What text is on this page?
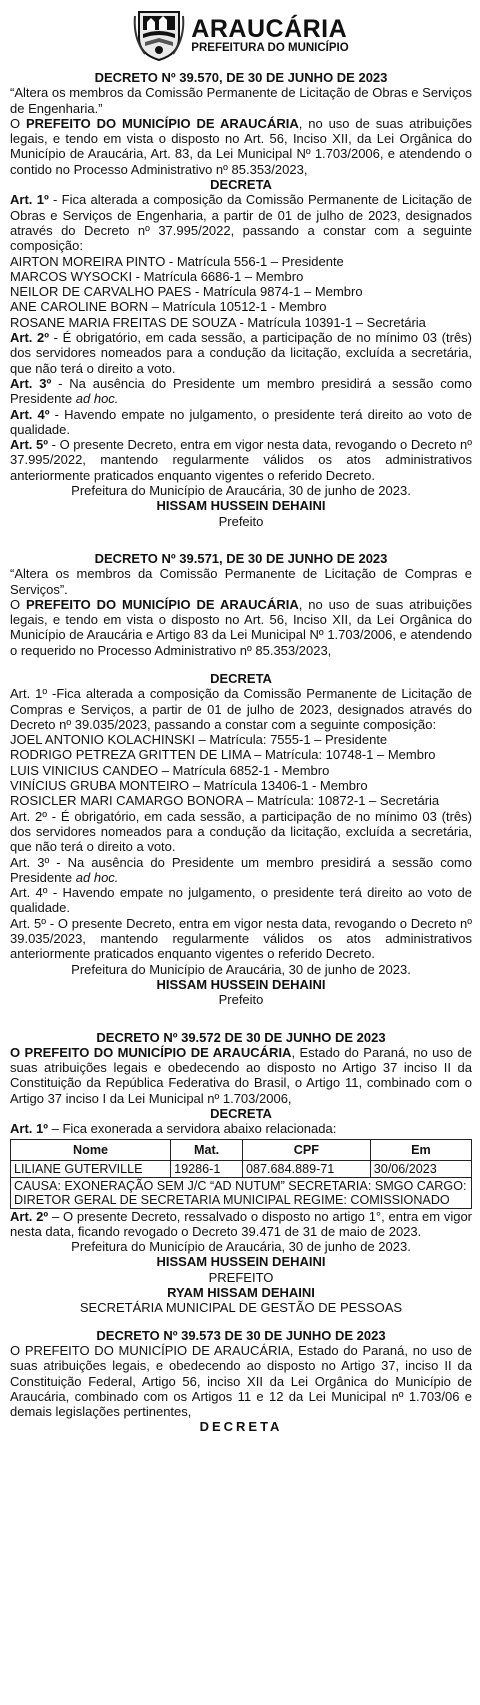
ARAUCÁRIA
PREFEITURA DO MUNICÍPIO
DECRETO Nº 39.570, DE 30 DE JUNHO DE 2023
“Altera os membros da Comissão Permanente de Licitação de Obras e Serviços de Engenharia.”
O PREFEITO DO MUNICÍPIO DE ARAUCÁRIA, no uso de suas atribuições legais, e tendo em vista o disposto no Art. 56, Inciso XII, da Lei Orgânica do Município de Araucária, Art. 83, da Lei Municipal Nº 1.703/2006, e atendendo o contido no Processo Administrativo nº 85.353/2023,
DECRETA
Art. 1º - Fica alterada a composição da Comissão Permanente de Licitação de Obras e Serviços de Engenharia, a partir de 01 de julho de 2023, designados através do Decreto nº 37.995/2022, passando a constar com a seguinte composição:
AIRTON MOREIRA PINTO - Matrícula 556-1 – Presidente
MARCOS WYSOCKI - Matrícula 6686-1 – Membro
NEILOR DE CARVALHO PAES - Matrícula 9874-1 – Membro
ANE CAROLINE BORN – Matrícula 10512-1 - Membro
ROSANE MARIA FREITAS DE SOUZA - Matrícula 10391-1 – Secretária
Art. 2º - É obrigatório, em cada sessão, a participação de no mínimo 03 (três) dos servidores nomeados para a condução da licitação, excluída a secretária, que não terá o direito a voto.
Art. 3º - Na ausência do Presidente um membro presidirá a sessão como Presidente ad hoc.
Art. 4º - Havendo empate no julgamento, o presidente terá direito ao voto de qualidade.
Art. 5º - O presente Decreto, entra em vigor nesta data, revogando o Decreto nº 37.995/2022, mantendo regularmente válidos os atos administrativos anteriormente praticados enquanto vigentes o referido Decreto.
Prefeitura do Município de Araucária, 30 de junho de 2023.
HISSAM HUSSEIN DEHAINI
Prefeito
DECRETO Nº 39.571, DE 30 DE JUNHO DE 2023
“Altera os membros da Comissão Permanente de Licitação de Compras e Serviços”.
O PREFEITO DO MUNICÍPIO DE ARAUCÁRIA, no uso de suas atribuições legais, e tendo em vista o disposto no Art. 56, Inciso XII, da Lei Orgânica do Município de Araucária e Artigo 83 da Lei Municipal Nº 1.703/2006, e atendendo o requerido no Processo Administrativo nº 85.353/2023,
DECRETA
Art. 1º -Fica alterada a composição da Comissão Permanente de Licitação de Compras e Serviços, a partir de 01 de julho de 2023, designados através do Decreto nº 39.035/2023, passando a constar com a seguinte composição:
JOEL ANTONIO KOLACHINSKI – Matrícula: 7555-1 – Presidente
RODRIGO PETREZA GRITTEN DE LIMA – Matrícula: 10748-1 – Membro
LUIS VINICIUS CANDEO – Matrícula 6852-1 - Membro
VINÍCIUS GRUBA MONTEIRO – Matrícula 13406-1 - Membro
ROSICLER MARI CAMARGO BONORA – Matrícula: 10872-1 – Secretária
Art. 2º - É obrigatório, em cada sessão, a participação de no mínimo 03 (três) dos servidores nomeados para a condução da licitação, excluída a secretária, que não terá o direito a voto.
Art. 3º - Na ausência do Presidente um membro presidirá a sessão como Presidente ad hoc.
Art. 4º - Havendo empate no julgamento, o presidente terá direito ao voto de qualidade.
Art. 5º - O presente Decreto, entra em vigor nesta data, revogando o Decreto nº 39.035/2023, mantendo regularmente válidos os atos administrativos anteriormente praticados enquanto vigentes o referido Decreto.
Prefeitura do Município de Araucária, 30 de junho de 2023.
HISSAM HUSSEIN DEHAINI
Prefeito
DECRETO Nº 39.572 DE 30 DE JUNHO DE 2023
O PREFEITO DO MUNICÍPIO DE ARAUCÁRIA, Estado do Paraná, no uso de suas atribuições legais e obedecendo ao disposto no Artigo 37 inciso II da Constituição da República Federativa do Brasil, o Artigo 11, combinado com o Artigo 37 inciso I da Lei Municipal nº 1.703/2006,
DECRETA
Art. 1º – Fica exonerada a servidora abaixo relacionada:
Nome	Mat.	CPF	Em
LILIANE GUTERVILLE	19286-1	087.684.889-71	30/06/2023
CAUSA: EXONERAÇÃO SEM J/C “AD NUTUM” SECRETARIA: SMGO CARGO: DIRETOR GERAL DE SECRETARIA MUNICIPAL REGIME: COMISSIONADO			
Art. 2º – O presente Decreto, ressalvado o disposto no artigo 1°, entra em vigor nesta data, ficando revogado o Decreto 39.471 de 31 de maio de 2023.
Prefeitura do Município de Araucária, 30 de junho de 2023.
HISSAM HUSSEIN DEHAINI
PREFEITO
RYAM HISSAM DEHAINI
SECRETÁRIA MUNICIPAL DE GESTÃO DE PESSOAS
DECRETO Nº 39.573 DE 30 DE JUNHO DE 2023
O PREFEITO DO MUNICÍPIO DE ARAUCÁRIA, Estado do Paraná, no uso de suas atribuições legais, e obedecendo ao disposto no Artigo 37, inciso II da Constituição Federal, Artigo 56, inciso XII da Lei Orgânica do Município de Araucária, combinado com os Artigos 11 e 12 da Lei Municipal nº 1.703/06 e demais legislações pertinentes,
DECRETA
